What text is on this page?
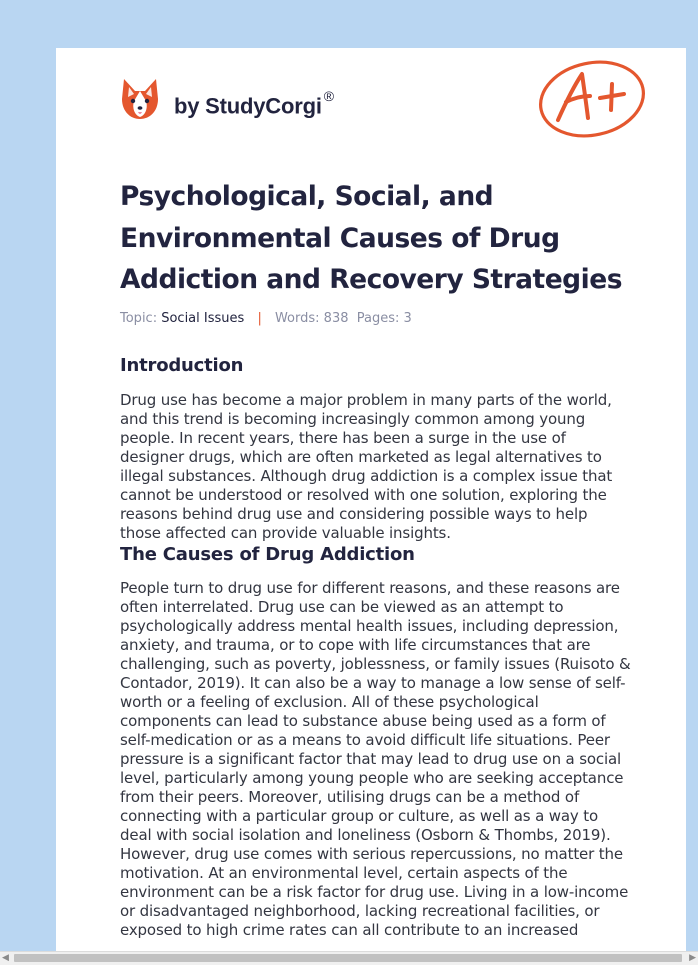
by StudyCorgi ®
A+
Psychological, Social, and Environmental Causes of Drug Addiction and Recovery Strategies
Topic: Social Issues | Words: 838 Pages: 3
Introduction

Drug use has become a major problem in many parts of the world, and this trend is becoming increasingly common among young people. In recent years, there has been a surge in the use of designer drugs, which are often marketed as legal alternatives to illegal substances. Although drug addiction is a complex issue that cannot be understood or resolved with one solution, exploring the reasons behind drug use and considering possible ways to help those affected can provide valuable insights.

The Causes of Drug Addiction

People turn to drug use for different reasons, and these reasons are often interrelated. Drug use can be viewed as an attempt to psychologically address mental health issues, including depression, anxiety, and trauma, or to cope with life circumstances that are challenging, such as poverty, joblessness, or family issues (Ruisoto & Contador, 2019). It can also be a way to manage a low sense of self-worth or a feeling of exclusion. All of these psychological components can lead to substance abuse being used as a form of self-medication or as a means to avoid difficult life situations. Peer pressure is a significant factor that may lead to drug use on a social level, particularly among young people who are seeking acceptance from their peers. Moreover, utilising drugs can be a method of connecting with a particular group or culture, as well as a way to deal with social isolation and loneliness (Osborn & Thombs, 2019). However, drug use comes with serious repercussions, no matter the motivation. At an environmental level, certain aspects of the environment can be a risk factor for drug use. Living in a low-income or disadvantaged neighborhood, lacking recreational facilities, or exposed to high crime rates can all contribute to an increased

◀	▶
